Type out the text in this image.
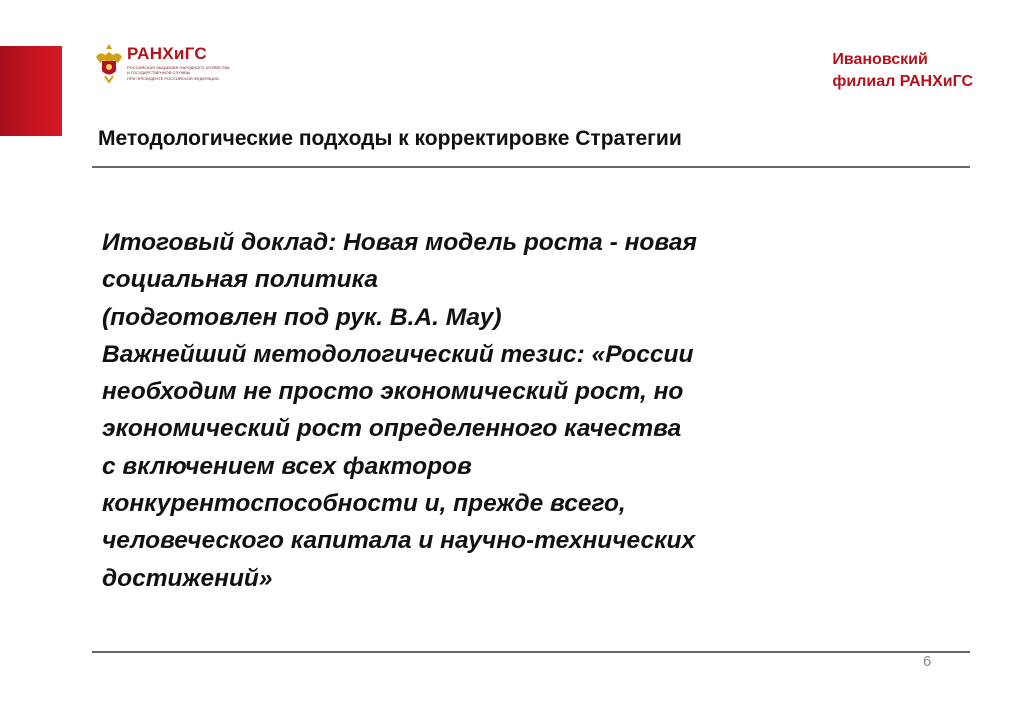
РАНХиГС
РОССИЙСКАЯ АКАДЕМИЯ НАРОДНОГО ХОЗЯЙСТВА
И ГОСУДАРСТВЕННОЙ СЛУЖБЫ
ПРИ ПРЕЗИДЕНТЕ РОССИЙСКОЙ ФЕДЕРАЦИИ
Ивановский
филиал РАНХиГС
Методологические подходы к корректировке Стратегии
Итоговый доклад: Новая модель роста - новая
социальная политика
(подготовлен под рук. В.А. Мау)
Важнейший методологический тезис: «России
необходим не просто экономический рост, но
экономический рост определенного качества
с включением всех факторов
конкурентоспособности и, прежде всего,
человеческого капитала и научно-технических
достижений»
6
